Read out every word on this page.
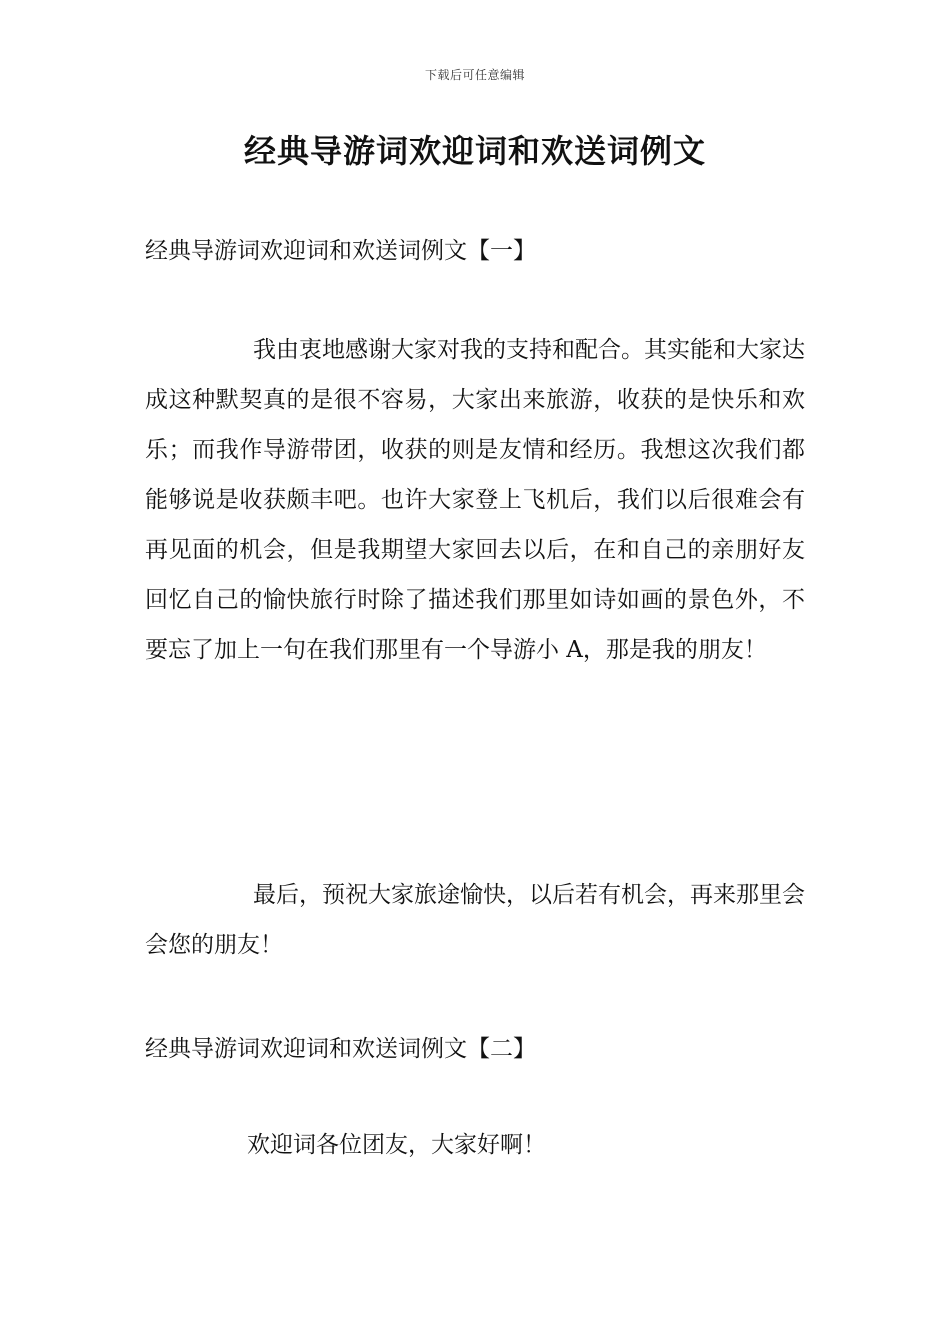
下载后可任意编辑
经典导游词欢迎词和欢送词例文
经典导游词欢迎词和欢送词例文【一】

我由衷地感谢大家对我的支持和配合。其实能和大家达成这种默契真的是很不容易，大家出来旅游，收获的是快乐和欢乐；而我作导游带团，收获的则是友情和经历。我想这次我们都能够说是收获颇丰吧。也许大家登上飞机后，我们以后很难会有再见面的机会，但是我期望大家回去以后，在和自己的亲朋好友回忆自己的愉快旅行时除了描述我们那里如诗如画的景色外，不要忘了加上一句在我们那里有一个导游小 A，那是我的朋友！

最后，预祝大家旅途愉快，以后若有机会，再来那里会会您的朋友！

经典导游词欢迎词和欢送词例文【二】

欢迎词各位团友，大家好啊！
